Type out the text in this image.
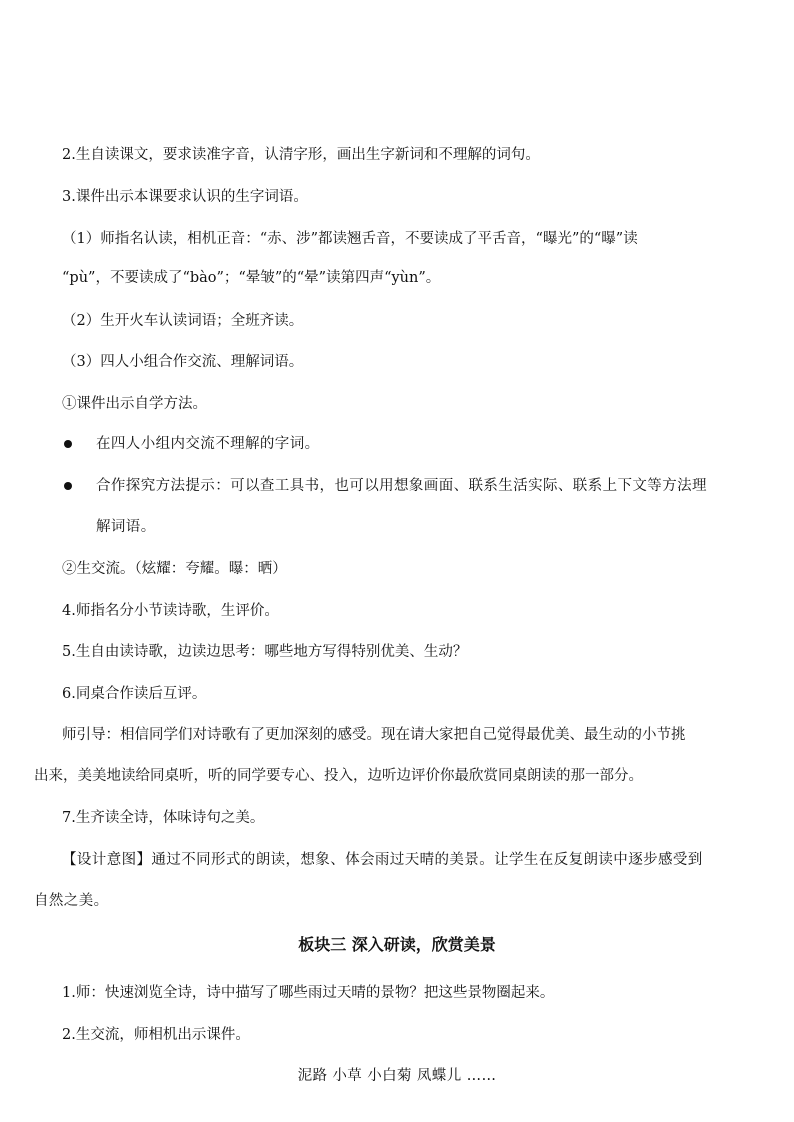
2.生自读课文，要求读准字音，认清字形，画出生字新词和不理解的词句。
3.课件出示本课要求认识的生字词语。
（1）师指名认读，相机正音：“赤、涉”都读翘舌音，不要读成了平舌音，“曝光”的“曝”读
“pù”，不要读成了“bào”；“晕皱”的“晕”读第四声“yùn”。
（2）生开火车认读词语；全班齐读。
（3）四人小组合作交流、理解词语。
①课件出示自学方法。
在四人小组内交流不理解的字词。
合作探究方法提示：可以查工具书，也可以用想象画面、联系生活实际、联系上下文等方法理
解词语。
②生交流。（炫耀：夸耀。曝：晒）
4.师指名分小节读诗歌，生评价。
5.生自由读诗歌，边读边思考：哪些地方写得特别优美、生动？
6.同桌合作读后互评。
师引导：相信同学们对诗歌有了更加深刻的感受。现在请大家把自己觉得最优美、最生动的小节挑
出来，美美地读给同桌听，听的同学要专心、投入，边听边评价你最欣赏同桌朗读的那一部分。
7.生齐读全诗，体味诗句之美。
【设计意图】通过不同形式的朗读，想象、体会雨过天晴的美景。让学生在反复朗读中逐步感受到
自然之美。
板块三 深入研读，欣赏美景
1.师：快速浏览全诗，诗中描写了哪些雨过天晴的景物？把这些景物圈起来。
2.生交流，师相机出示课件。
泥路 小草 小白菊 凤蝶儿 ……
